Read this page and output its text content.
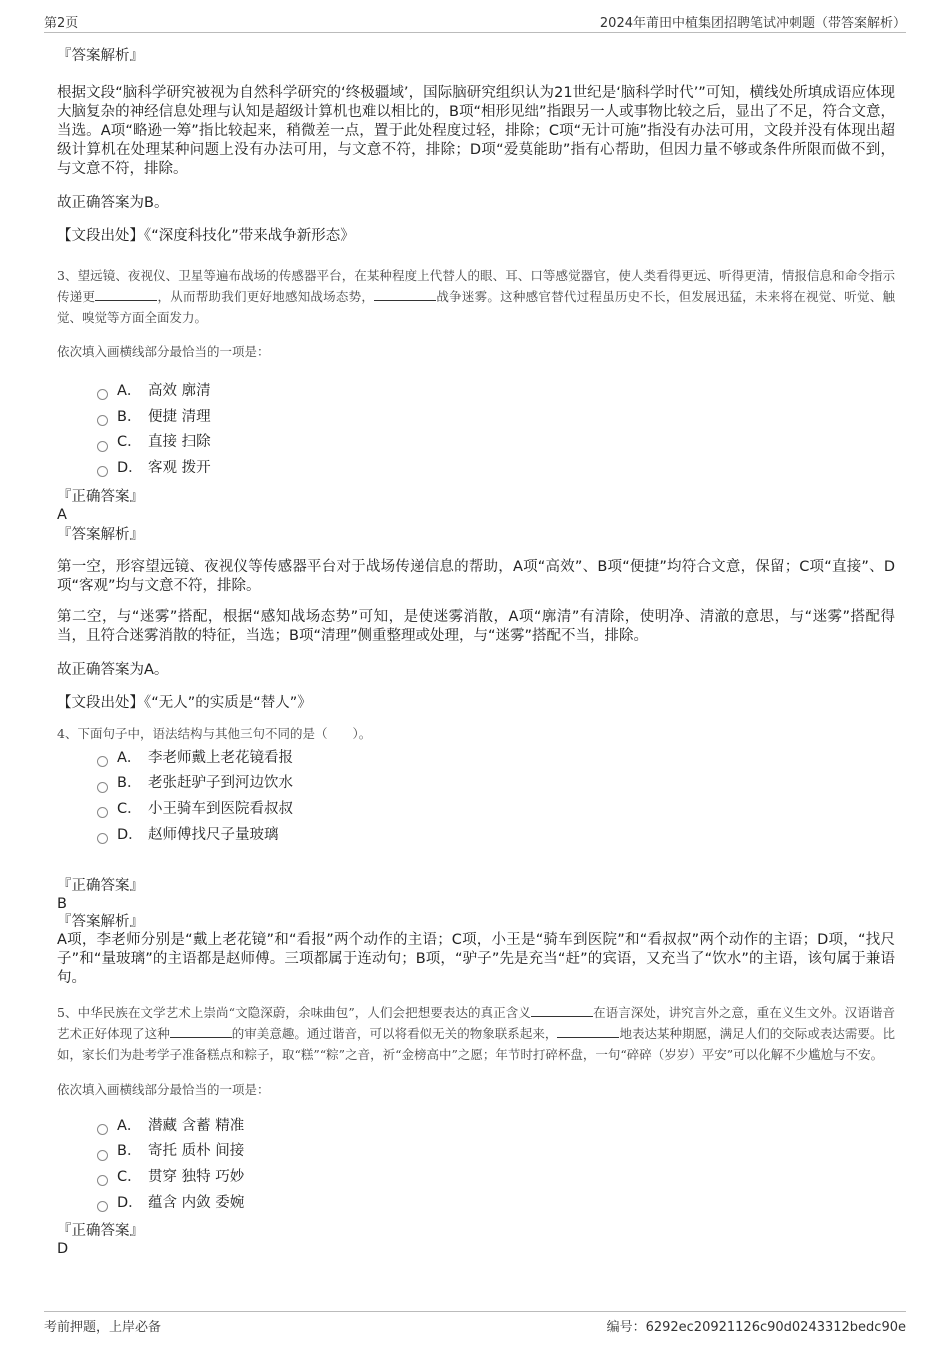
第2页	2024年莆田中植集团招聘笔试冲刺题（带答案解析）

『答案解析』

根据文段“脑科学研究被视为自然科学研究的‘终极疆域’，国际脑研究组织认为21世纪是‘脑科学时代’”可知，横线处所填成语应体现大脑复杂的神经信息处理与认知是超级计算机也难以相比的，B项“相形见绌”指跟另一人或事物比较之后，显出了不足，符合文意，当选。A项“略逊一筹”指比较起来，稍微差一点，置于此处程度过轻，排除；C项“无计可施”指没有办法可用，文段并没有体现出超级计算机在处理某种问题上没有办法可用，与文意不符，排除；D项“爱莫能助”指有心帮助，但因力量不够或条件所限而做不到，与文意不符，排除。

故正确答案为B。

【文段出处】《“深度科技化”带来战争新形态》

3、望远镜、夜视仪、卫星等遍布战场的传感器平台，在某种程度上代替人的眼、耳、口等感觉器官，使人类看得更远、听得更清，情报信息和命令指示传递更	，从而帮助我们更好地感知战场态势，	战争迷雾。这种感官替代过程虽历史不长，但发展迅猛，未来将在视觉、听觉、触觉、嗅觉等方面全面发力。

依次填入画横线部分最恰当的一项是：

A． 高效 廓清
B． 便捷 清理
C． 直接 扫除
D． 客观 拨开

『正确答案』

A

『答案解析』

第一空，形容望远镜、夜视仪等传感器平台对于战场传递信息的帮助，A项“高效”、B项“便捷”均符合文意，保留；C项“直接”、D项“客观”均与文意不符，排除。

第二空，与“迷雾”搭配，根据“感知战场态势”可知，是使迷雾消散，A项“廓清”有清除，使明净、清澈的意思，与“迷雾”搭配得当，且符合迷雾消散的特征，当选；B项“清理”侧重整理或处理，与“迷雾”搭配不当，排除。

故正确答案为A。

【文段出处】《“无人”的实质是“替人”》

4、下面句子中，语法结构与其他三句不同的是（　　）。

A． 李老师戴上老花镜看报
B． 老张赶驴子到河边饮水
C． 小王骑车到医院看叔叔
D． 赵师傅找尺子量玻璃

『正确答案』

B

『答案解析』

A项，李老师分别是“戴上老花镜”和“看报”两个动作的主语；C项，小王是“骑车到医院”和“看叔叔”两个动作的主语；D项，“找尺子”和“量玻璃”的主语都是赵师傅。三项都属于连动句；B项，“驴子”先是充当“赶”的宾语，又充当了“饮水”的主语，该句属于兼语句。

5、中华民族在文学艺术上崇尚“文隐深蔚，余味曲包”，人们会把想要表达的真正含义	在语言深处，讲究言外之意，重在义生文外。汉语谐音艺术正好体现了这种	的审美意趣。通过谐音，可以将看似无关的物象联系起来，	地表达某种期愿，满足人们的交际或表达需要。比如，家长们为赴考学子准备糕点和粽子，取“糕”“粽”之音，祈“金榜高中”之愿；年节时打碎杯盘，一句“碎碎（岁岁）平安”可以化解不少尴尬与不安。

依次填入画横线部分最恰当的一项是：

A． 潜藏 含蓄 精准
B． 寄托 质朴 间接
C． 贯穿 独特 巧妙
D． 蕴含 内敛 委婉

『正确答案』

D

考前押题，上岸必备	编号：6292ec20921126c90d0243312bedc90e
